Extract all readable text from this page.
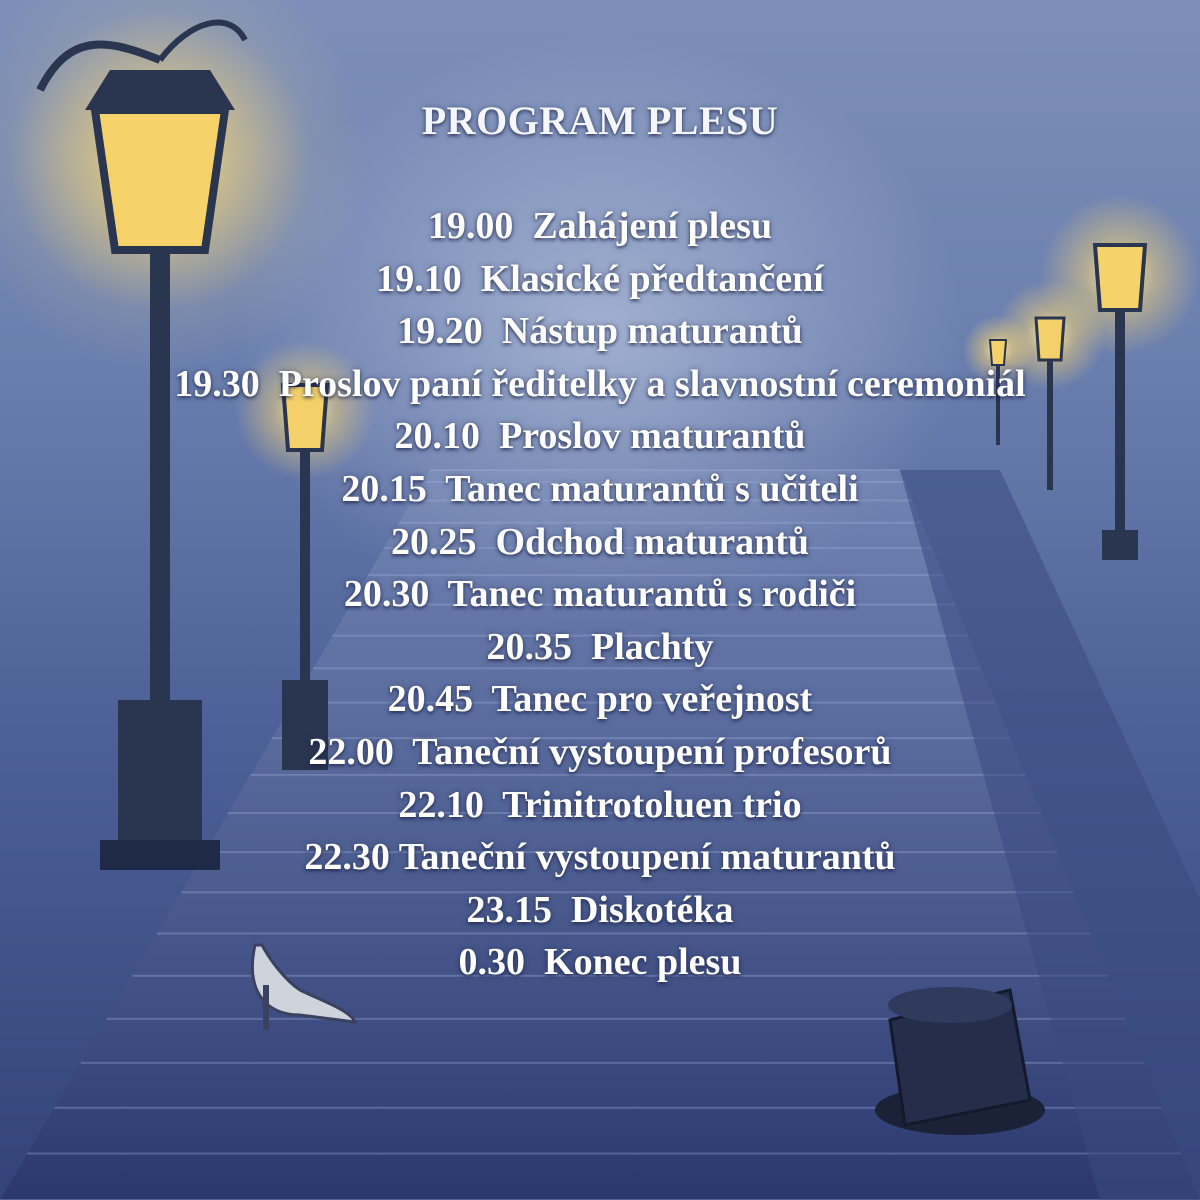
PROGRAM PLESU
19.00 Zahájení plesu
19.10 Klasické předtančení
19.20 Nástup maturantů
19.30 Proslov paní ředitelky a slavnostní ceremoniál
20.10 Proslov maturantů
20.15 Tanec maturantů s učiteli
20.25 Odchod maturantů
20.30 Tanec maturantů s rodiči
20.35 Plachty
20.45 Tanec pro veřejnost
22.00 Taneční vystoupení profesorů
22.10 Trinitrotoluen trio
22.30 Taneční vystoupení maturantů
23.15 Diskotéka
0.30 Konec plesu
